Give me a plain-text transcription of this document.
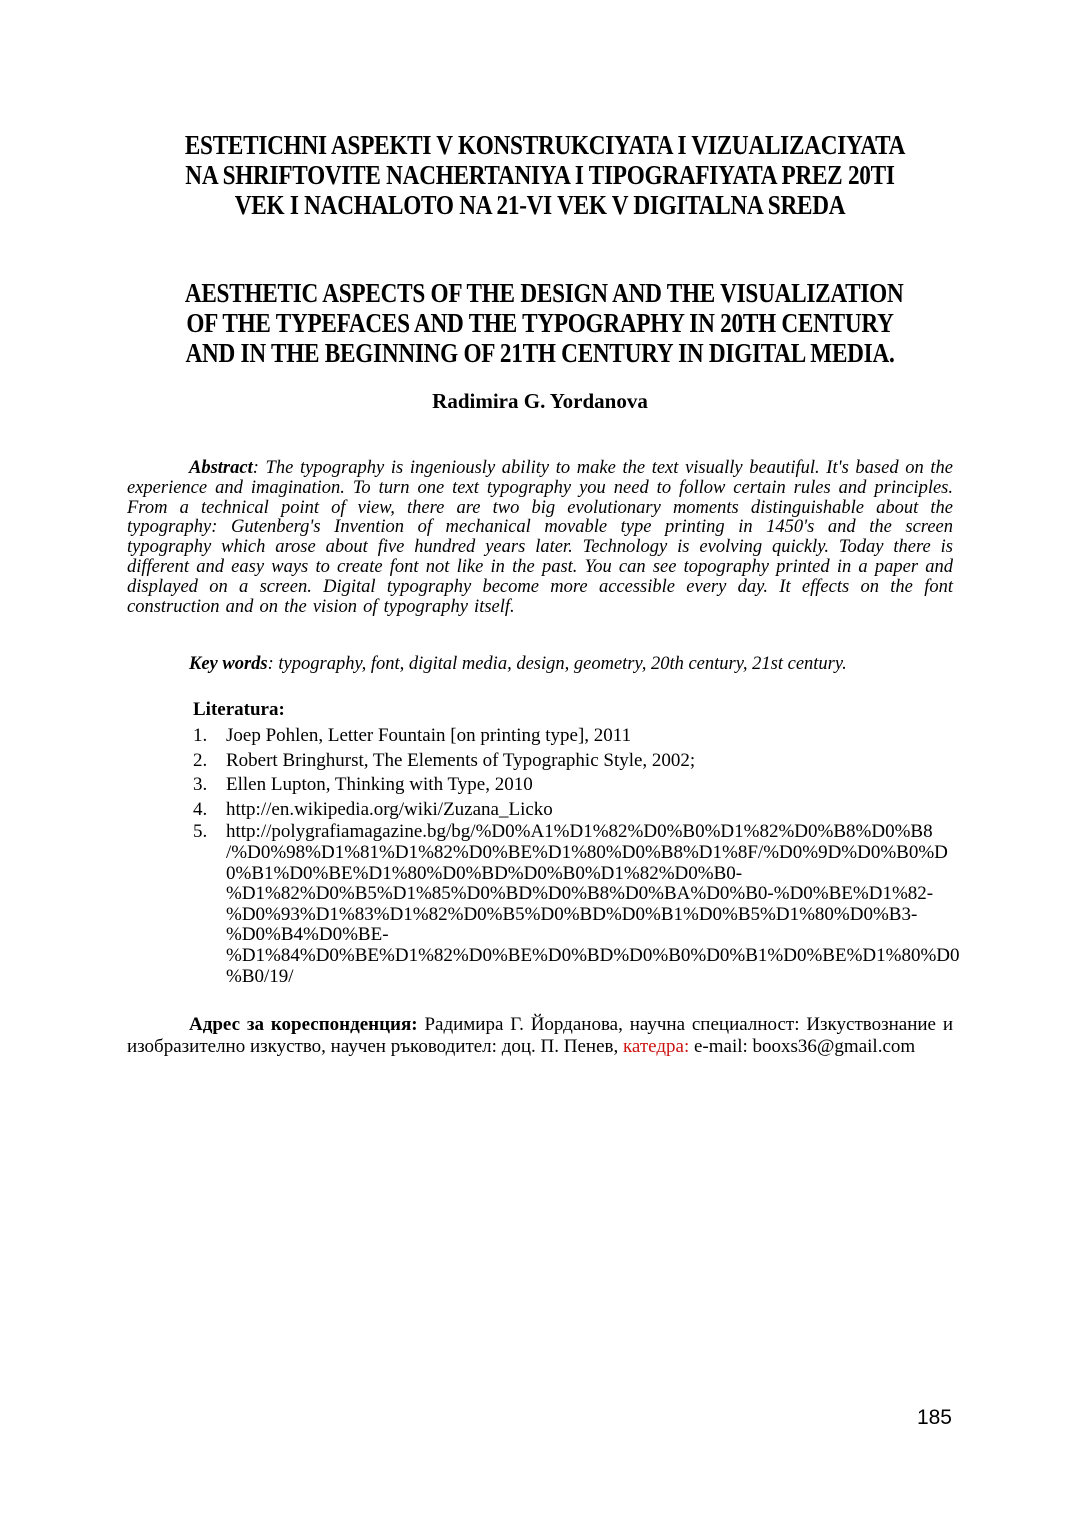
ESTETICHNI ASPEKTI V KONSTRUKCIYATA I VIZUALIZACIYATA
NA SHRIFTOVITE NACHERTANIYA I TIPOGRAFIYATA PREZ 20TI
VEK I NACHALOTO NA 21-VI VEK V DIGITALNA SREDA
AESTHETIC ASPECTS OF THE DESIGN AND THE VISUALIZATION
OF THE TYPEFACES AND THE TYPOGRAPHY IN 20TH CENTURY
AND IN THE BEGINNING OF 21TH CENTURY IN DIGITAL MEDIA.
Radimira G. Yordanova

Abstract: The typography is ingeniously ability to make the text visually beautiful. It's based on the experience and imagination. To turn one text typography you need to follow certain rules and principles. From a technical point of view, there are two big evolutionary moments distinguishable about the typography: Gutenberg's Invention of mechanical movable type printing in 1450's and the screen typography which arose about five hundred years later. Technology is evolving quickly. Today there is different and easy ways to create font not like in the past. You can see topography printed in a paper and displayed on a screen. Digital typography become more accessible every day. It effects on the font construction and on the vision of typography itself.

Key words: typography, font, digital media, design, geometry, 20th century, 21st century.

Literatura:
1. Joep Pohlen, Letter Fountain [on printing type], 2011
2. Robert Bringhurst, The Elements of Typographic Style, 2002;
3. Ellen Lupton, Thinking with Type, 2010
4. http://en.wikipedia.org/wiki/Zuzana_Licko
5. http://polygrafiamagazine.bg/bg/%D0%A1%D1%82%D0%B0%D1%82%D0%B8%D0%B8
/%D0%98%D1%81%D1%82%D0%BE%D1%80%D0%B8%D1%8F/%D0%9D%D0%B0%D
0%B1%D0%BE%D1%80%D0%BD%D0%B0%D1%82%D0%B0-
%D1%82%D0%B5%D1%85%D0%BD%D0%B8%D0%BA%D0%B0-%D0%BE%D1%82-
%D0%93%D1%83%D1%82%D0%B5%D0%BD%D0%B1%D0%B5%D1%80%D0%B3-
%D0%B4%D0%BE-
%D1%84%D0%BE%D1%82%D0%BE%D0%BD%D0%B0%D0%B1%D0%BE%D1%80%D0
%B0/19/

Адрес за кореспонденция: Радимира Г. Йорданова, научна специалност: Изкуствознание и изобразително изкуство, научен ръководител: доц. П. Пенев, катедра: e-mail: booxs36@gmail.com

185
